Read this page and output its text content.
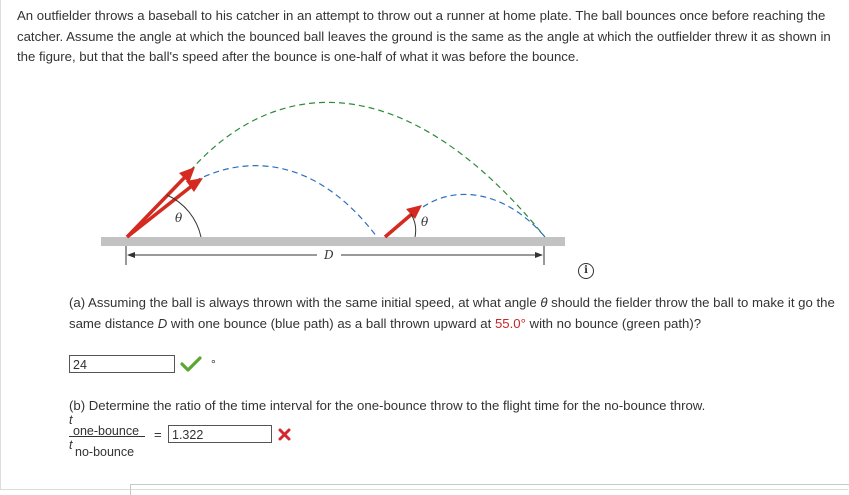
An outfielder throws a baseball to his catcher in an attempt to throw out a runner at home plate. The ball bounces once before reaching the catcher. Assume the angle at which the bounced ball leaves the ground is the same as the angle at which the outfielder threw it as shown in the figure, but that the ball's speed after the bounce is one-half of what it was before the bounce.
θ	θ
D
i
(a) Assuming the ball is always thrown with the same initial speed, at what angle θ should the fielder throw the ball to make it go the same distance D with one bounce (blue path) as a ball thrown upward at 55.0° with no bounce (green path)?
24	°
(b) Determine the ratio of the time interval for the one-bounce throw to the flight time for the no-bounce throw.
t
one-bounce
t no-bounce
= 1.322
